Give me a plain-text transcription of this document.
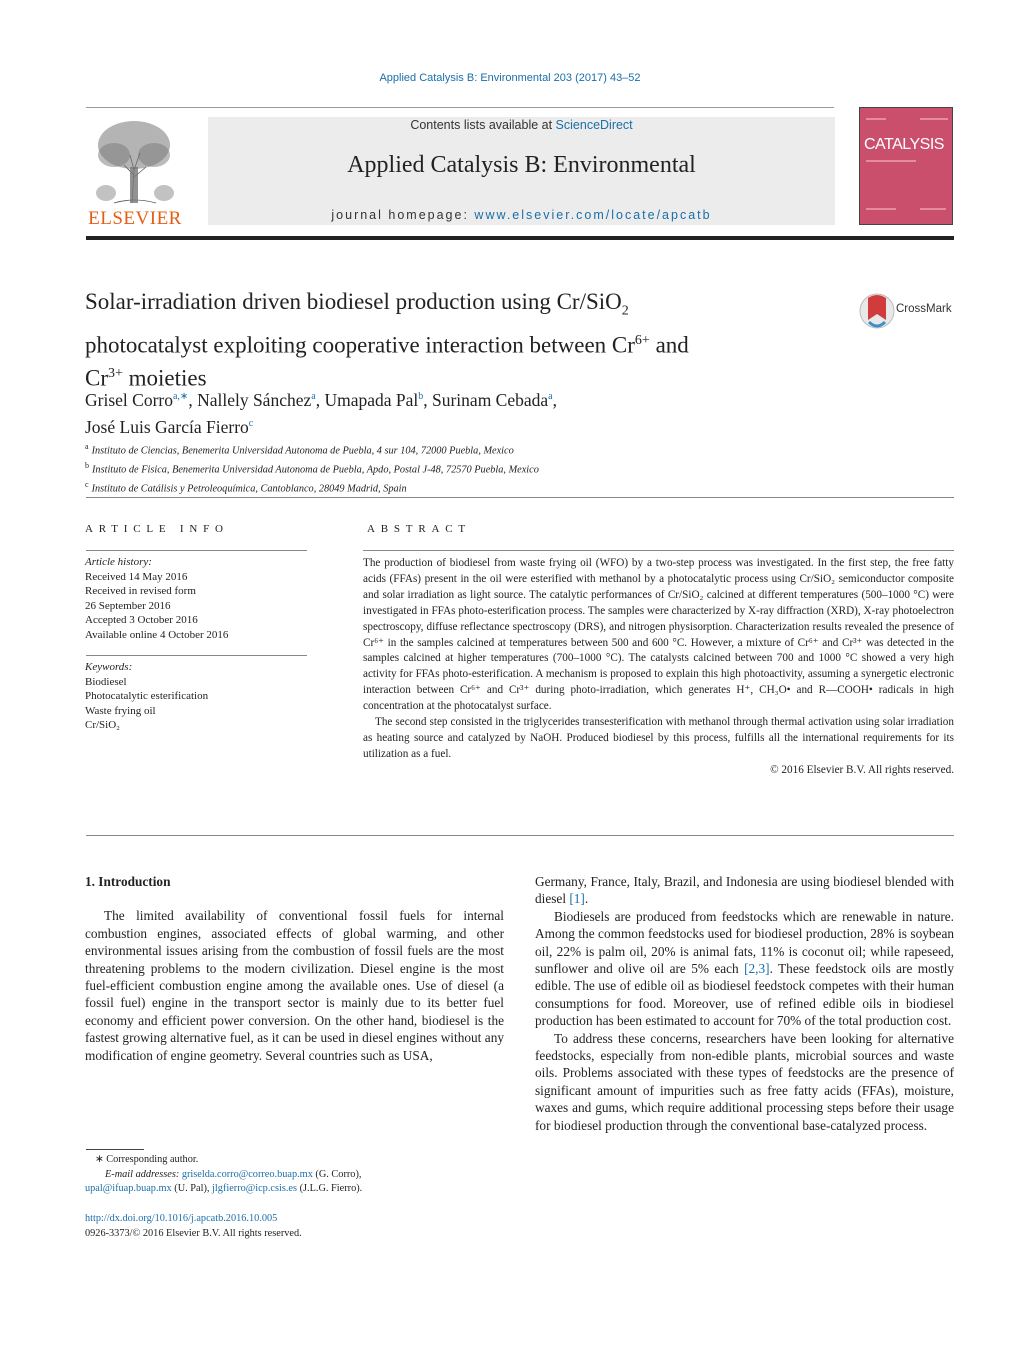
Applied Catalysis B: Environmental 203 (2017) 43–52
ELSEVIER
Contents lists available at ScienceDirect
Applied Catalysis B: Environmental
journal homepage: www.elsevier.com/locate/apcatb
CATALYSIS
Solar-irradiation driven biodiesel production using Cr/SiO$_2$
photocatalyst exploiting cooperative interaction between $Cr^{6+}$ and
$Cr^{3+}$ moieties
CrossMark
Grisel Corro$^{a,∗}$, Nallely Sánchez$^a$, Umapada Pal$^b$, Surinam Cebada$^a$,
José Luis García Fierro$^c$
$^a$ Instituto de Ciencias, Benemerita Universidad Autonoma de Puebla, 4 sur 104, 72000 Puebla, Mexico
$^b$ Instituto de Fisica, Benemerita Universidad Autonoma de Puebla, Apdo, Postal J-48, 72570 Puebla, Mexico
$^c$ Instituto de Catálisis y Petroleoquímica, Cantoblanco, 28049 Madrid, Spain
ARTICLE INFO	ABSTRACT
Article history:
Received 14 May 2016
Received in revised form
26 September 2016
Accepted 3 October 2016
Available online 4 October 2016
Keywords:
Biodiesel
Photocatalytic esterification
Waste frying oil
Cr/SiO₂

The production of biodiesel from waste frying oil (WFO) by a two-step process was investigated. In the first step, the free fatty acids (FFAs) present in the oil were esterified with methanol by a photocatalytic process using Cr/SiO₂ semiconductor composite and solar irradiation as light source. The catalytic performances of Cr/SiO₂ calcined at different temperatures (500–1000 °C) were investigated in FFAs photo-esterification process. The samples were characterized by X-ray diffraction (XRD), X-ray photoelectron spectroscopy, diffuse reflectance spectroscopy (DRS), and nitrogen physisorption. Characterization results revealed the presence of Cr⁶⁺ in the samples calcined at temperatures between 500 and 600 °C. However, a mixture of Cr⁶⁺ and Cr³⁺ was detected in the samples calcined at higher temperatures (700–1000 °C). The catalysts calcined between 700 and 1000 °C showed a very high activity for FFAs photo-esterification. A mechanism is proposed to explain this high photoactivity, assuming a synergetic electronic interaction between Cr⁶⁺ and Cr³⁺ during photo-irradiation, which generates H⁺, CH₃O• and R—COOH• radicals in high concentration at the photocatalyst surface.

The second step consisted in the triglycerides transesterification with methanol through thermal activation using solar irradiation as heating source and catalyzed by NaOH. Produced biodiesel by this process, fulfills all the international requirements for its utilization as a fuel.

© 2016 Elsevier B.V. All rights reserved.

1. Introduction

The limited availability of conventional fossil fuels for internal combustion engines, associated effects of global warming, and other environmental issues arising from the combustion of fossil fuels are the most threatening problems to the modern civilization. Diesel engine is the most fuel-efficient combustion engine among the available ones. Use of diesel (a fossil fuel) engine in the transport sector is mainly due to its better fuel economy and efficient power conversion. On the other hand, biodiesel is the fastest growing alternative fuel, as it can be used in diesel engines without any modification of engine geometry. Several countries such as USA,

Germany, France, Italy, Brazil, and Indonesia are using biodiesel blended with diesel [1].

Biodiesels are produced from feedstocks which are renewable in nature. Among the common feedstocks used for biodiesel production, 28% is soybean oil, 22% is palm oil, 20% is animal fats, 11% is coconut oil; while rapeseed, sunflower and olive oil are 5% each [2,3]. These feedstock oils are mostly edible. The use of edible oil as biodiesel feedstock competes with their human consumptions for food. Moreover, use of refined edible oils in biodiesel production has been estimated to account for 70% of the total production cost.

To address these concerns, researchers have been looking for alternative feedstocks, especially from non-edible plants, microbial sources and waste oils. Problems associated with these types of feedstocks are the presence of significant amount of impurities such as free fatty acids (FFAs), moisture, waxes and gums, which require additional processing steps before their usage for biodiesel production through the conventional base-catalyzed process.

∗ Corresponding author.
E-mail addresses: griselda.corro@correo.buap.mx (G. Corro),
upal@ifuap.buap.mx (U. Pal), jlgfierro@icp.csis.es (J.L.G. Fierro).
http://dx.doi.org/10.1016/j.apcatb.2016.10.005
0926-3373/© 2016 Elsevier B.V. All rights reserved.
